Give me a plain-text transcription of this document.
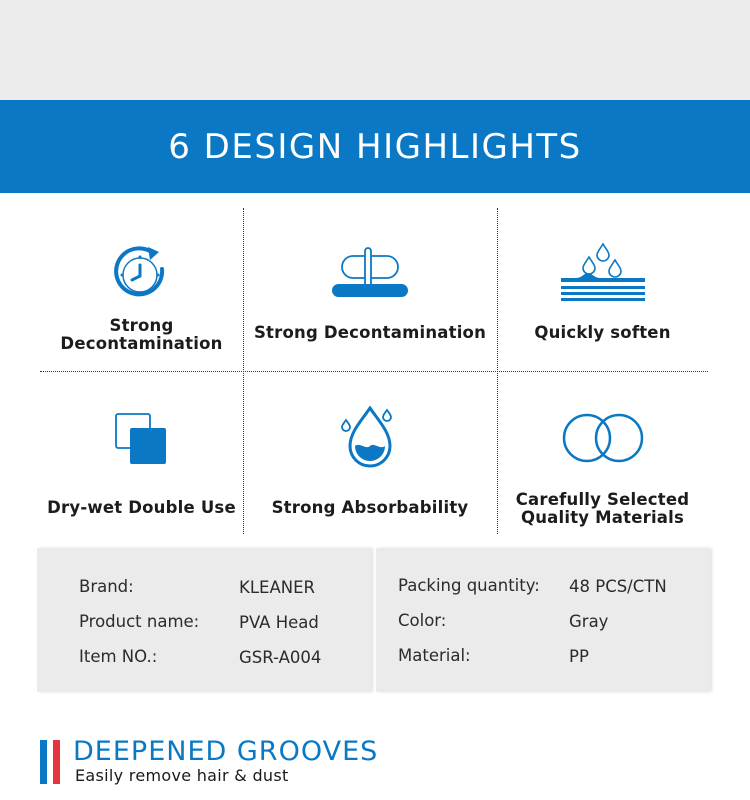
6 DESIGN HIGHLIGHTS
Strong
Decontamination
Strong Decontamination	Quickly soften
Dry-wet Double Use Strong Absorbability	Carefully Selected
Quality Materials
Brand:	KLEANER
Product name: PVA Head
Item NO.:	GSR-A004
Packing quantity: 48 PCS/CTN
Color:	Gray
Material:	PP
DEEPENED GROOVES
Easily remove hair & dust
